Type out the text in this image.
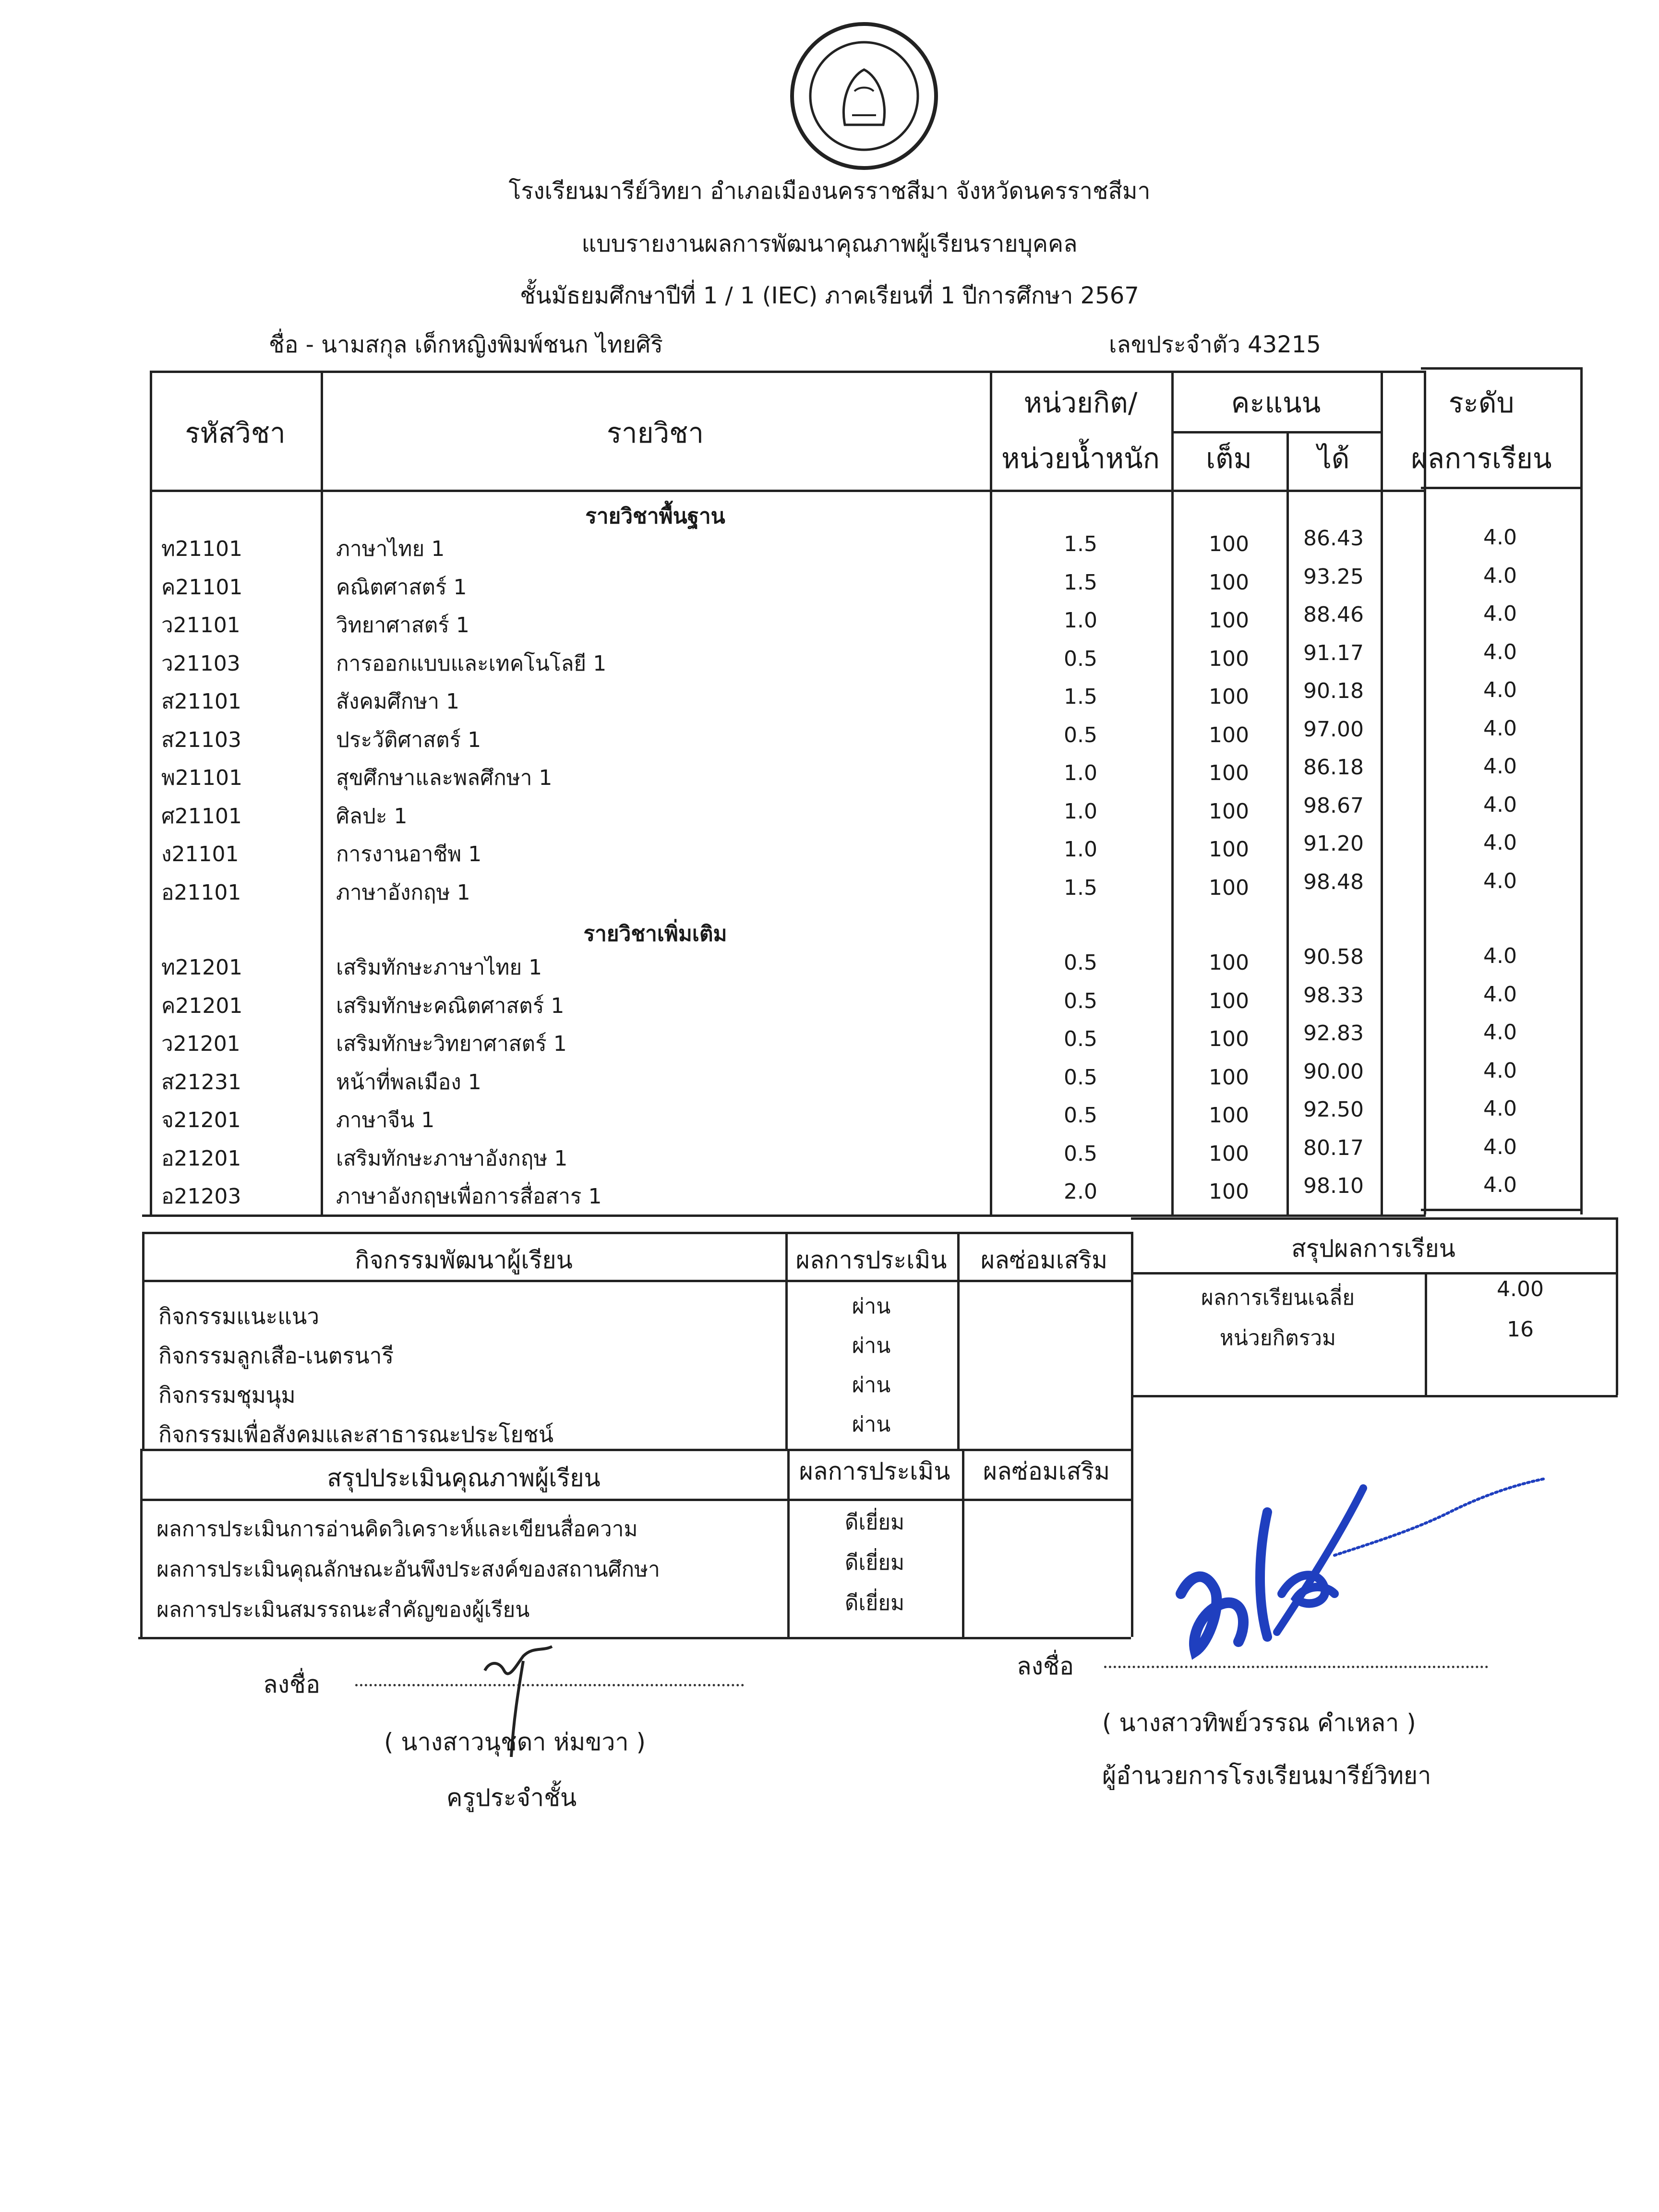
โรงเรียนมารีย์วิทยา อำเภอเมืองนครราชสีมา จังหวัดนครราชสีมา
แบบรายงานผลการพัฒนาคุณภาพผู้เรียนรายบุคคล
ชั้นมัธยมศึกษาปีที่ 1 / 1 (IEC) ภาคเรียนที่ 1 ปีการศึกษา 2567
ชื่อ - นามสกุล เด็กหญิงพิมพ์ชนก ไทยศิริ	เลขประจำตัว 43215
รหัสวิชา	รายวิชา
หน่วยกิต/
หน่วยน้ำหนัก
คะแนน
เต็ม	ได้
ระดับ
ผลการเรียน
รายวิชาพื้นฐาน
ท21101	ภาษาไทย 1	1.5	100	86.43	4.0
ค21101	คณิตศาสตร์ 1	1.5	100	93.25	4.0
ว21101	วิทยาศาสตร์ 1	1.0	100	88.46	4.0
ว21103	การออกแบบและเทคโนโลยี 1	0.5	100	91.17	4.0
ส21101	สังคมศึกษา 1	1.5	100	90.18	4.0
ส21103	ประวัติศาสตร์ 1	0.5	100	97.00	4.0
พ21101	สุขศึกษาและพลศึกษา 1	1.0	100	86.18	4.0
ศ21101	ศิลปะ 1	1.0	100	98.67	4.0
ง21101	การงานอาชีพ 1	1.0	100	91.20	4.0
อ21101	ภาษาอังกฤษ 1	1.5	100	98.48	4.0
ท21201	เสริมทักษะภาษาไทย 1	0.5	100	90.58	4.0
ค21201	เสริมทักษะคณิตศาสตร์ 1	0.5	100	98.33	4.0
ว21201	เสริมทักษะวิทยาศาสตร์ 1	0.5	100	92.83	4.0
ส21231	หน้าที่พลเมือง 1	0.5	100	90.00	4.0
จ21201	ภาษาจีน 1	0.5	100	92.50	4.0
อ21201	เสริมทักษะภาษาอังกฤษ 1	0.5	100	80.17	4.0
อ21203	ภาษาอังกฤษเพื่อการสื่อสาร 1	2.0	100	98.10	4.0
รายวิชาเพิ่มเติม
กิจกรรมพัฒนาผู้เรียน	ผลการประเมิน	ผลซ่อมเสริม
กิจกรรมแนะแนว	ผ่าน
กิจกรรมลูกเสือ-เนตรนารี	ผ่าน
กิจกรรมชุมนุม	ผ่าน
กิจกรรมเพื่อสังคมและสาธารณะประโยชน์	ผ่าน
สรุปผลการเรียน
ผลการเรียนเฉลี่ย	4.00
หน่วยกิตรวม	16
สรุปประเมินคุณภาพผู้เรียน	ผลการประเมิน	ผลซ่อมเสริม
ผลการประเมินการอ่านคิดวิเคราะห์และเขียนสื่อความ	ดีเยี่ยม
ผลการประเมินคุณลักษณะอันพึงประสงค์ของสถานศึกษา	ดีเยี่ยม
ผลการประเมินสมรรถนะสำคัญของผู้เรียน	ดีเยี่ยม
ลงชื่อ
( นางสาวนุชดา ห่มขวา )
ครูประจำชั้น
ลงชื่อ
( นางสาวทิพย์วรรณ คำเหลา )
ผู้อำนวยการโรงเรียนมารีย์วิทยา
